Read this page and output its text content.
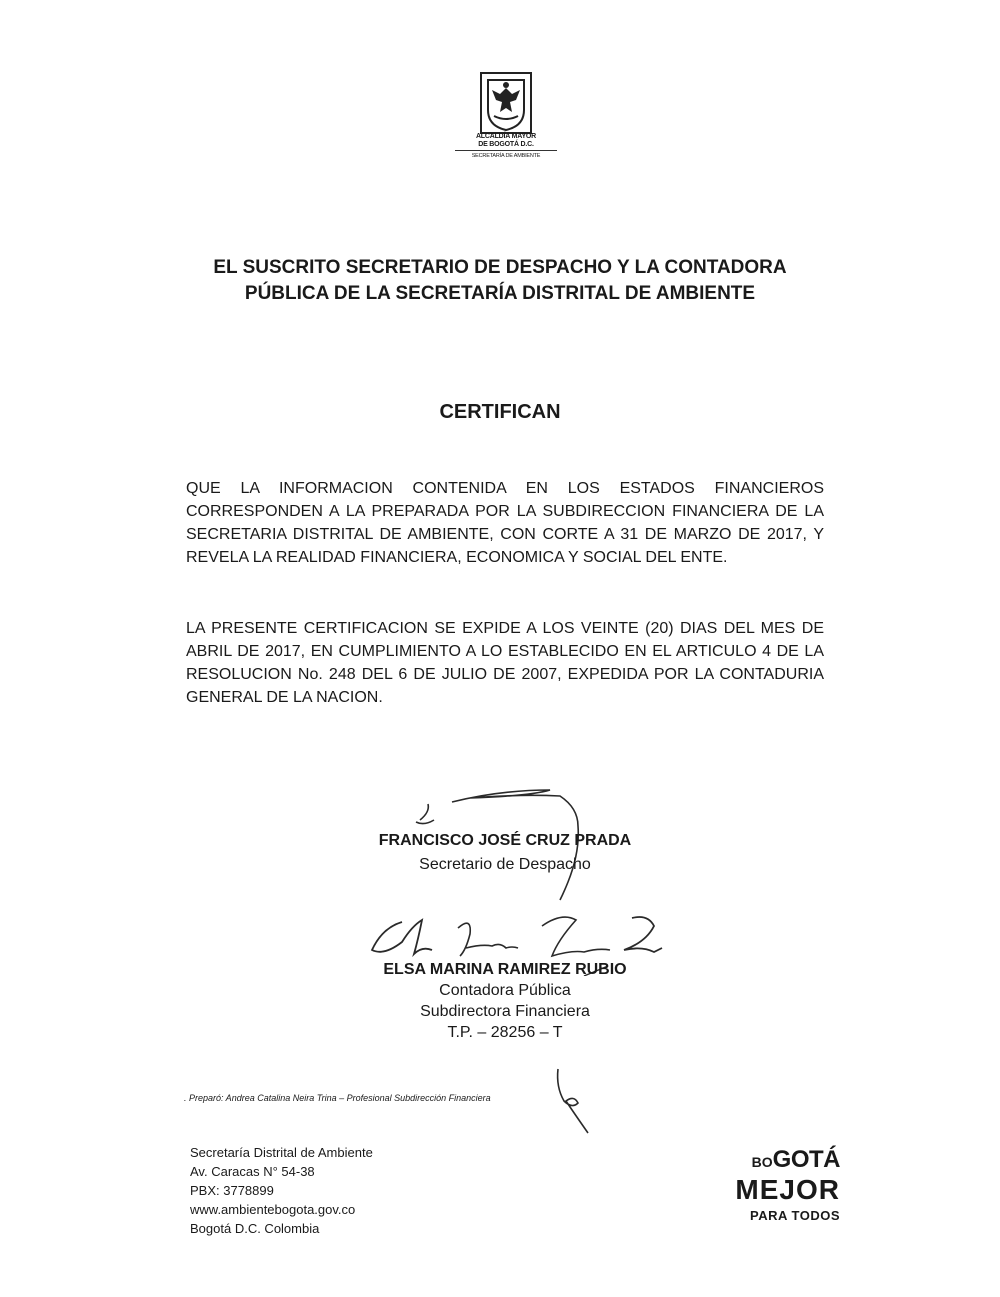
ALCALDÍA MAYOR
DE BOGOTÁ D.C.
SECRETARÍA DE AMBIENTE
EL SUSCRITO SECRETARIO DE DESPACHO Y LA CONTADORA
PÚBLICA DE LA SECRETARÍA DISTRITAL DE AMBIENTE
CERTIFICAN
QUE LA INFORMACION CONTENIDA EN LOS ESTADOS FINANCIEROS CORRESPONDEN A LA PREPARADA POR LA SUBDIRECCION FINANCIERA DE LA SECRETARIA DISTRITAL DE AMBIENTE, CON CORTE A 31 DE MARZO DE 2017, Y REVELA LA REALIDAD FINANCIERA, ECONOMICA Y SOCIAL DEL ENTE.
LA PRESENTE CERTIFICACION SE EXPIDE A LOS VEINTE (20) DIAS DEL MES DE ABRIL DE 2017, EN CUMPLIMIENTO A LO ESTABLECIDO EN EL ARTICULO 4 DE LA RESOLUCION No. 248 DEL 6 DE JULIO DE 2007, EXPEDIDA POR LA CONTADURIA GENERAL DE LA NACION.
FRANCISCO JOSÉ CRUZ PRADA
Secretario de Despacho
ELSA MARINA RAMIREZ RUBIO
Contadora Pública
Subdirectora Financiera
T.P. – 28256 – T
. Preparó: Andrea Catalina Neira Trina – Profesional Subdirección Financiera
Secretaría Distrital de Ambiente
Av. Caracas N° 54-38
PBX: 3778899
www.ambientebogota.gov.co
Bogotá D.C. Colombia
BOGOTÁ
MEJOR
PARA TODOS
